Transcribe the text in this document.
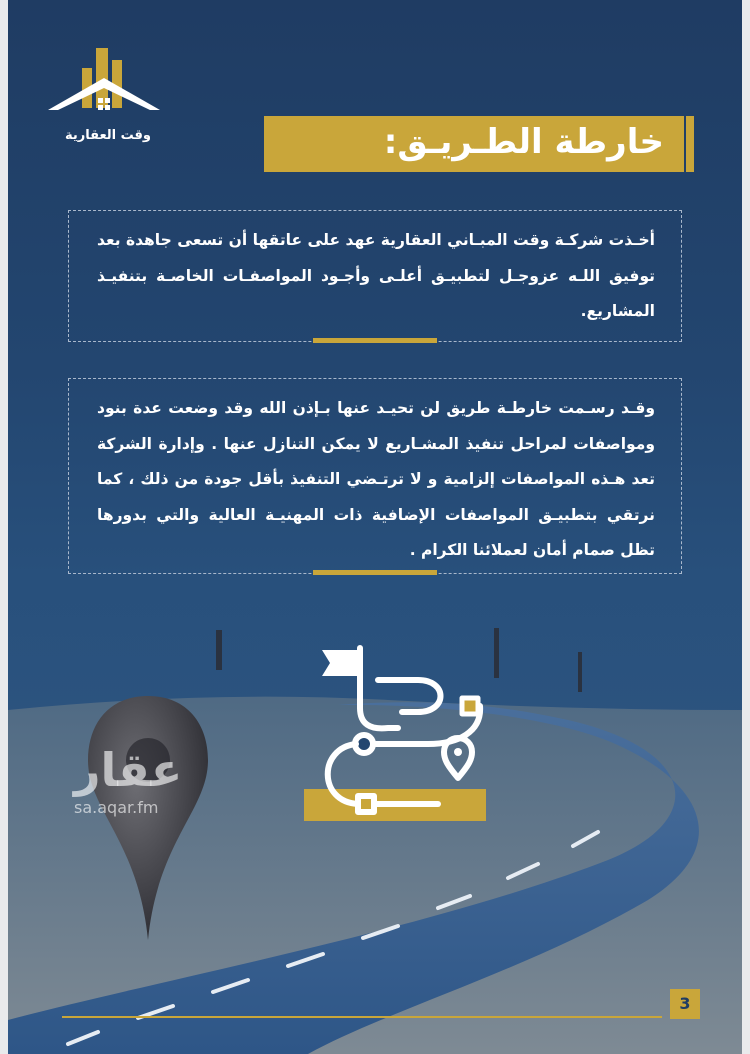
وقت العقارية	خارطة الطـريـق:
أخـذت شركـة وقت المبـاني العقارية عهد على عاتقها أن تسعى جاهدة بعد توفيق اللـه عزوجـل لتطبيـق أعلـى وأجـود المواصفـات الخاصـة بتنفيـذ المشاريع.
وقـد رسـمت خارطـة طريق لن تحيـد عنها بـإذن الله وقد وضعت عدة بنود ومواصفات لمراحل تنفيذ المشـاريع لا يمكن التنازل عنها . وإدارة الشركة تعد هـذه المواصفات إلزامية و لا ترتـضي التنفيذ بأقل جودة من ذلك ، كما نرتقي بتطبيـق المواصفات الإضافية ذات المهنيـة العالية والتي بدورها تظل صمام أمان لعملائنا الكرام .
عقار
sa.aqar.fm
3
